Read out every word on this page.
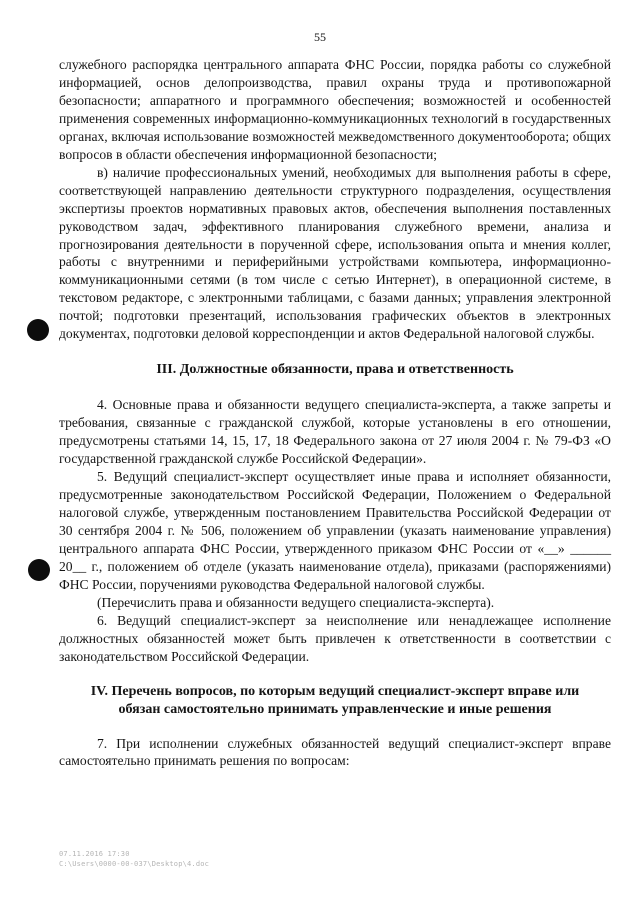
55

служебного распорядка центрального аппарата ФНС России, порядка работы со служебной информацией, основ делопроизводства, правил охраны труда и противопожарной безопасности; аппаратного и программного обеспечения; возможностей и особенностей применения современных информационно-коммуникационных технологий в государственных органах, включая использование возможностей межведомственного документооборота; общих вопросов в области обеспечения информационной безопасности;

в) наличие профессиональных умений, необходимых для выполнения работы в сфере, соответствующей направлению деятельности структурного подразделения, осуществления экспертизы проектов нормативных правовых актов, обеспечения выполнения поставленных руководством задач, эффективного планирования служебного времени, анализа и прогнозирования деятельности в порученной сфере, использования опыта и мнения коллег, работы с внутренними и периферийными устройствами компьютера, информационно-коммуникационными сетями (в том числе с сетью Интернет), в операционной системе, в текстовом редакторе, с электронными таблицами, с базами данных; управления электронной почтой; подготовки презентаций, использования графических объектов в электронных документах, подготовки деловой корреспонденции и актов Федеральной налоговой службы.

III. Должностные обязанности, права и ответственность

4. Основные права и обязанности ведущего специалиста-эксперта, а также запреты и требования, связанные с гражданской службой, которые установлены в его отношении, предусмотрены статьями 14, 15, 17, 18 Федерального закона от 27 июля 2004 г. № 79-ФЗ «О государственной гражданской службе Российской Федерации».

5. Ведущий специалист-эксперт осуществляет иные права и исполняет обязанности, предусмотренные законодательством Российской Федерации, Положением о Федеральной налоговой службе, утвержденным постановлением Правительства Российской Федерации от 30 сентября 2004 г. № 506, положением об управлении (указать наименование управления) центрального аппарата ФНС России, утвержденного приказом ФНС России от «__» ______ 20__ г., положением об отделе (указать наименование отдела), приказами (распоряжениями) ФНС России, поручениями руководства Федеральной налоговой службы.

(Перечислить права и обязанности ведущего специалиста-эксперта).

6. Ведущий специалист-эксперт за неисполнение или ненадлежащее исполнение должностных обязанностей может быть привлечен к ответственности в соответствии с законодательством Российской Федерации.

IV. Перечень вопросов, по которым ведущий специалист-эксперт вправе или

обязан самостоятельно принимать управленческие и иные решения

7. При исполнении служебных обязанностей ведущий специалист-эксперт вправе самостоятельно принимать решения по вопросам:

07.11.2016 17:30
С:\Users\0000-00-037\Desktop\4.doc
